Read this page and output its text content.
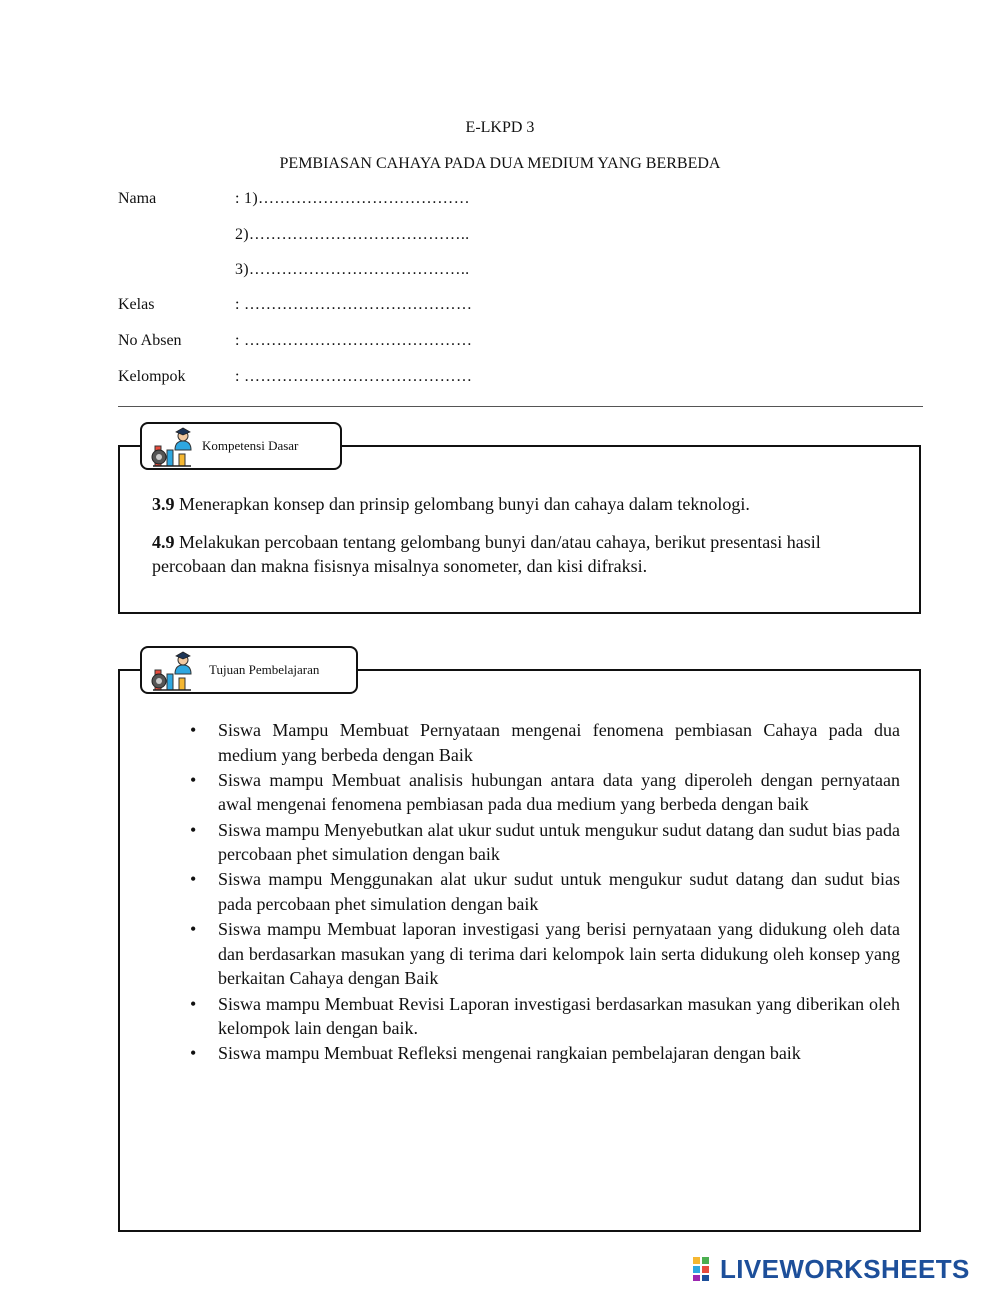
E-LKPD 3
PEMBIASAN CAHAYA PADA DUA MEDIUM YANG BERBEDA
Nama	: 1)…………………………………
2)…………………………………..
3)…………………………………..
Kelas	: ……………………………………
No Absen	: ……………………………………
Kelompok	: ……………………………………
Kompetensi Dasar
3.9 Menerapkan konsep dan prinsip gelombang bunyi dan cahaya dalam teknologi.
4.9 Melakukan percobaan tentang gelombang bunyi dan/atau cahaya, berikut presentasi hasil percobaan dan makna fisisnya misalnya sonometer, dan kisi difraksi.
Tujuan Pembelajaran
• Siswa Mampu Membuat Pernyataan mengenai fenomena pembiasan Cahaya pada dua medium yang berbeda dengan Baik
• Siswa mampu Membuat analisis hubungan antara data yang diperoleh dengan pernyataan awal mengenai fenomena pembiasan pada dua medium yang berbeda dengan baik
• Siswa mampu Menyebutkan alat ukur sudut untuk mengukur sudut datang dan sudut bias pada percobaan phet simulation dengan baik
• Siswa mampu Menggunakan alat ukur sudut untuk mengukur sudut datang dan sudut bias pada percobaan phet simulation dengan baik
• Siswa mampu Membuat laporan investigasi yang berisi pernyataan yang didukung oleh data dan berdasarkan masukan yang di terima dari kelompok lain serta didukung oleh konsep yang berkaitan Cahaya dengan Baik
• Siswa mampu Membuat Revisi Laporan investigasi berdasarkan masukan yang diberikan oleh kelompok lain dengan baik.
• Siswa mampu Membuat Refleksi mengenai rangkaian pembelajaran dengan baik
LIVEWORKSHEETS
